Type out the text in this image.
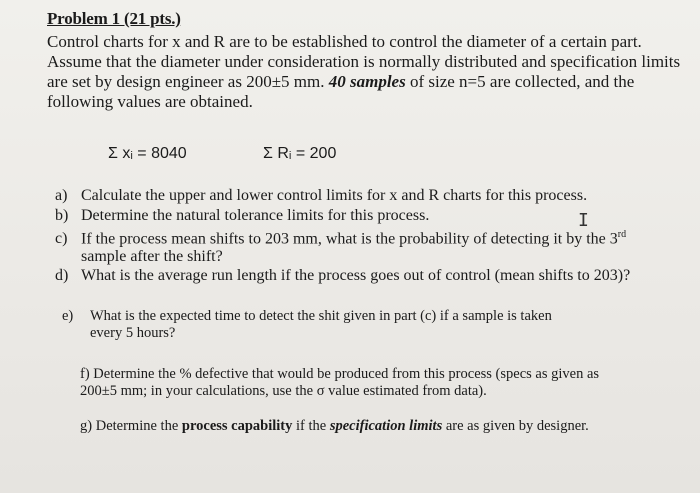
Problem 1 (21 pts.)

Control charts for x and R are to be established to control the diameter of a certain part. Assume that the diameter under consideration is normally distributed and specification limits are set by design engineer as 200±5 mm. 40 samples of size n=5 are collected, and the following values are obtained.

Σ xᵢ = 8040	Σ Rᵢ = 200
a) Calculate the upper and lower control limits for x and R charts for this process.
b) Determine the natural tolerance limits for this process.	I
c) If the process mean shifts to 203 mm, what is the probability of detecting it by the 3rd
sample after the shift?
d) What is the average run length if the process goes out of control (mean shifts to 203)?
e) What is the expected time to detect the shit given in part (c) if a sample is taken
every 5 hours?
f) Determine the % defective that would be produced from this process (specs as given as
200±5 mm; in your calculations, use the σ value estimated from data).
g) Determine the process capability if the specification limits are as given by designer.
